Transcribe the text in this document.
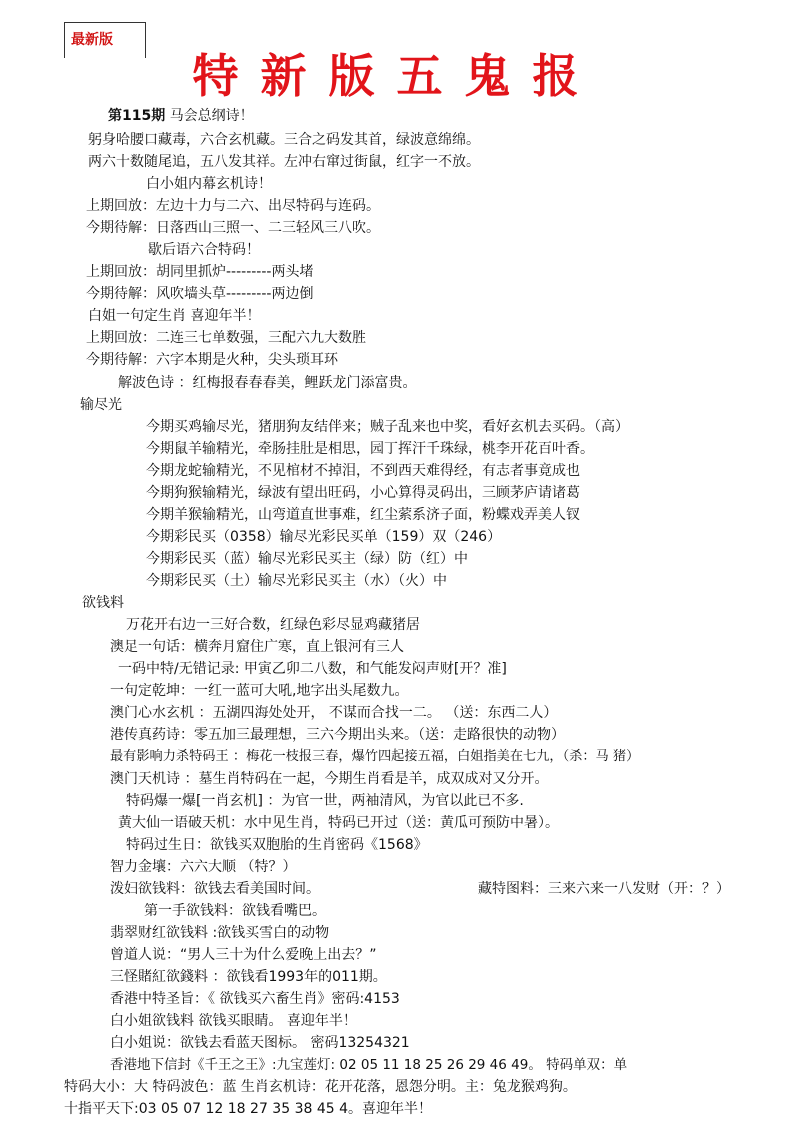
最新版
特新版五鬼报
第115期 马会总纲诗！
躬身哈腰口藏毒，六合玄机藏。三合之码发其首，绿波意绵绵。
两六十数随尾追，五八发其祥。左冲右窜过街鼠，红字一不放。
白小姐内幕玄机诗！
上期回放：左边十力与二六、出尽特码与连码。
今期待解：日落西山三照一、二三轻风三八吹。
歇后语六合特码！
上期回放：胡同里抓炉---------两头堵
今期待解：风吹墙头草---------两边倒
白姐一句定生肖 喜迎年半！
上期回放：二连三七单数强，三配六九大数胜
今期待解：六字本期是火种，尖头琐耳环
解波色诗 ：红梅报春春春美，鲤跃龙门添富贵。
输尽光
今期买鸡输尽光，猪朋狗友结伴来；贼子乱来也中奖，看好玄机去买码。（高）
今期鼠羊输精光，牵肠挂肚是相思，园丁挥汗千珠绿，桃李开花百叶香。
今期龙蛇输精光，不见棺材不掉泪，不到西天难得经，有志者事竟成也
今期狗猴输精光，绿波有望出旺码，小心算得灵码出，三顾茅庐请诸葛
今期羊猴输精光，山弯道直世事难，红尘萦系济子面，粉蝶戏弄美人钗
今期彩民买（0358）输尽光彩民买单（159）双（246）
今期彩民买（蓝）输尽光彩民买主（绿）防（红）中
今期彩民买（土）输尽光彩民买主（水）（火）中
欲钱料
万花开右边一三好合数，红绿色彩尽显鸡藏猪居
澳足一句话：横奔月窟住广寒，直上银河有三人
一码中特/无错记录: 甲寅乙卯二八数，和气能发闷声财[开？准]
一句定乾坤：一红一蓝可大吼,地字出头尾数九。
澳门心水玄机 ：五湖四海处处开， 不谋而合找一二。 （送：东西二人）
港传真药诗：零五加三最理想，三六今期出头来。（送：走路很快的动物）
最有影响力杀特码王 ：梅花一枝报三春，爆竹四起接五福，白姐指美在七九，（杀：马 猪）
澳门天机诗 ：墓生肖特码在一起，今期生肖看是羊，成双成对又分开。
特码爆一爆[一肖玄机] ：为官一世，两袖清风，为官以此已不多.
黄大仙一语破天机：水中见生肖，特码已开过（送：黄瓜可预防中暑）。
特码过生日：欲钱买双胞胎的生肖密码《1568》
智力金壤：六六大顺 （特？）
泼妇欲钱料：欲钱去看美国时间。	藏特图料：三来六来一八发财（开：？）
第一手欲钱料：欲钱看嘴巴。
翡翠财红欲钱料 :欲钱买雪白的动物
曾道人说：“男人三十为什么爱晚上出去？”
三怪賭紅欲錢料 ：欲钱看1993年的011期。
香港中特圣旨：《 欲钱买六畜生肖》密码:4153
白小姐欲钱料 欲钱买眼睛。 喜迎年半！
白小姐说：欲钱去看蓝天图标。 密码13254321
香港地下信封《千王之王》:九宝莲灯: 02 05 11 18 25 26 29 46 49。 特码单双：单
特码大小：大 特码波色：蓝 生肖玄机诗：花开花落，恩怨分明。主：兔龙猴鸡狗。
十指平天下:03 05 07 12 18 27 35 38 45 4。喜迎年半！
